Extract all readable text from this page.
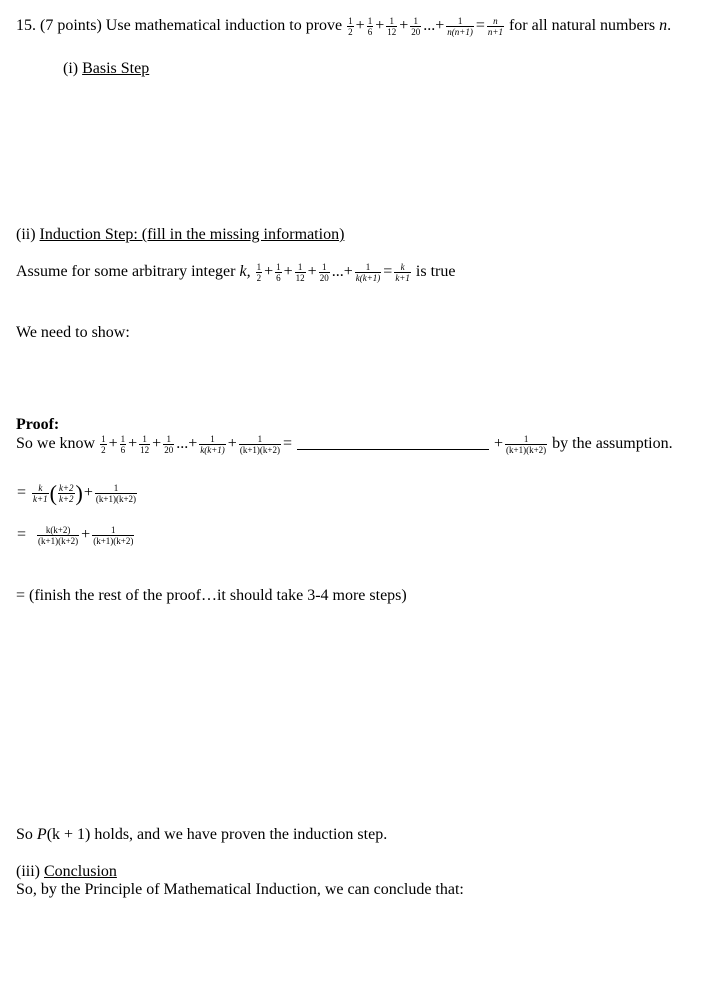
15. (7 points) Use mathematical induction to prove $\frac{1}{2} + \frac{1}{6} + \frac{1}{12} + \frac{1}{20}$ ...+ $\frac{1}{n(n+1)} = \frac{n}{n+1}$ for all natural numbers n.
(i) Basis Step
(ii) Induction Step: (fill in the missing information)
Assume for some arbitrary integer k, $\frac{1}{2} + \frac{1}{6} + \frac{1}{12} + \frac{1}{20}$ ...+ $\frac{1}{k(k+1)} = \frac{k}{k+1}$ is true
We need to show:
Proof:
So we know $\frac{1}{2} + \frac{1}{6} + \frac{1}{12} + \frac{1}{20}$ ...+ $\frac{1}{k(k+1)} + \frac{1}{(k+1)(k+2)}$ =	+ $\frac{1}{(k+1)(k+2)}$ by the assumption.
= $\frac{k}{k+1}$ ( $\frac{k+2}{k+2}$ )+ $\frac{1}{(k+1)(k+2)}$
= $\frac{k(k+2)}{(k+1)(k+2)} + \frac{1}{(k+1)(k+2)}$
= (finish the rest of the proof…it should take 3-4 more steps)
So P(k + 1) holds, and we have proven the induction step.
(iii) Conclusion
So, by the Principle of Mathematical Induction, we can conclude that:
